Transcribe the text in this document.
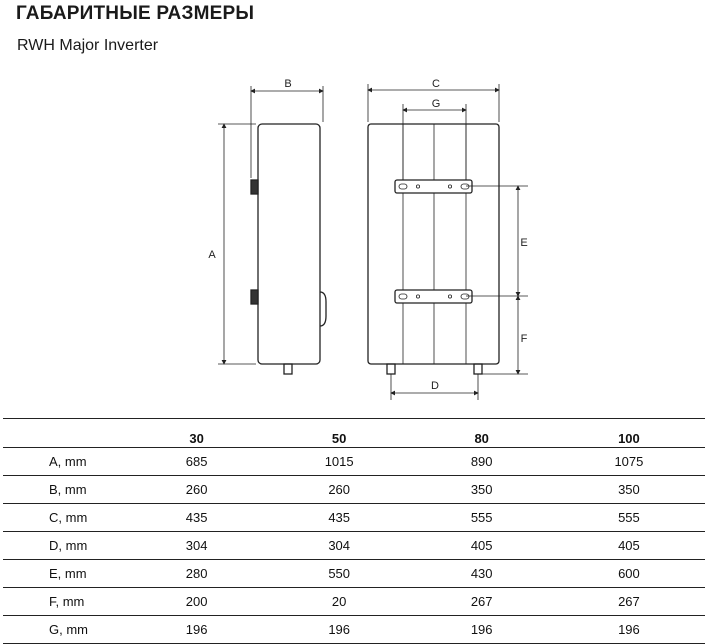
ГАБАРИТНЫЕ РАЗМЕРЫ
RWH Major Inverter
A
B	C
G
E
F
D
	30	50	80	100
A, mm	685	1015	890	1075
B, mm	260	260	350	350
C, mm	435	435	555	555
D, mm	304	304	405	405
E, mm	280	550	430	600
F, mm	200	20	267	267
G, mm	196	196	196	196
